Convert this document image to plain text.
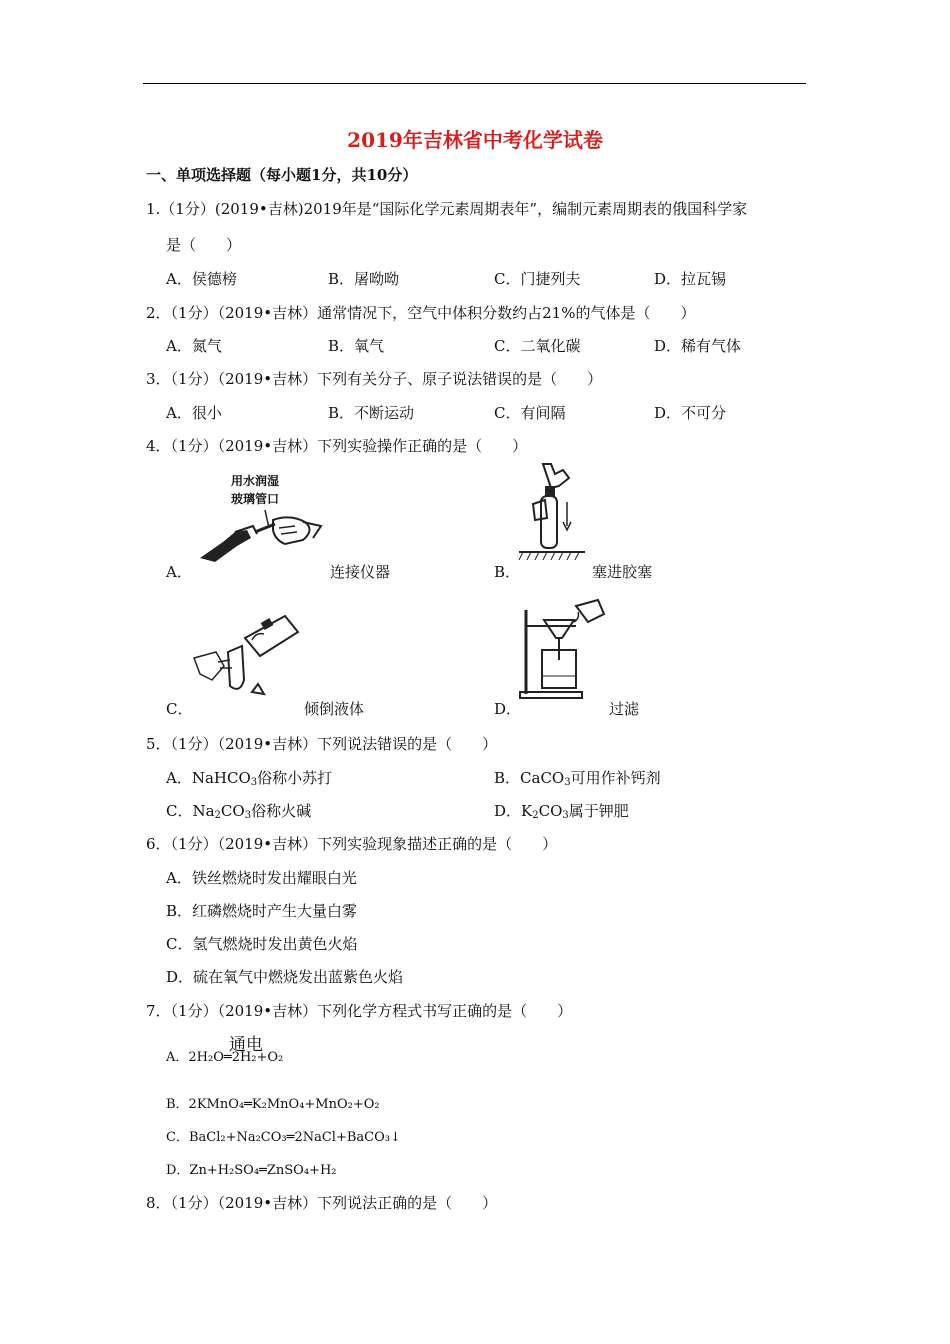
2019年吉林省中考化学试卷
一、单项选择题（每小题1分，共10分）
1.（1分）(2019•吉林)2019年是“国际化学元素周期表年”，编制元素周期表的俄国科学家
是（　　）
A．侯德榜	B．屠呦呦	C．门捷列夫	D．拉瓦锡
2．（1分）（2019•吉林）通常情况下，空气中体积分数约占21%的气体是（　　）
A．氮气	B．氧气	C．二氧化碳	D．稀有气体
3．（1分）（2019•吉林）下列有关分子、原子说法错误的是（　　）
A．很小	B．不断运动	C．有间隔	D．不可分
4．（1分）（2019•吉林）下列实验操作正确的是（　　）
用水润湿
玻璃管口
A．	连接仪器	B．	塞进胶塞
C．	倾倒液体	D．	过滤
5．（1分）（2019•吉林）下列说法错误的是（　　）
A．NaHCO$_3$俗称小苏打	B．CaCO$_3$可用作补钙剂
C．$Na_2CO_3$俗称火碱	D．$K_2CO_3$属于钾肥
6．（1分）（2019•吉林）下列实验现象描述正确的是（　　）
A．铁丝燃烧时发出耀眼白光
B．红磷燃烧时产生大量白雾
C．氢气燃烧时发出黄色火焰
D．硫在氧气中燃烧发出蓝紫色火焰
7．（1分）（2019•吉林）下列化学方程式书写正确的是（　　）
通电
A．2H₂O═2H₂+O₂
B．2KMnO₄═K₂MnO₄+MnO₂+O₂
C．BaCl₂+Na₂CO₃═2NaCl+BaCO₃↓
D．Zn+H₂SO₄═ZnSO₄+H₂
8．（1分）（2019•吉林）下列说法正确的是（　　）
